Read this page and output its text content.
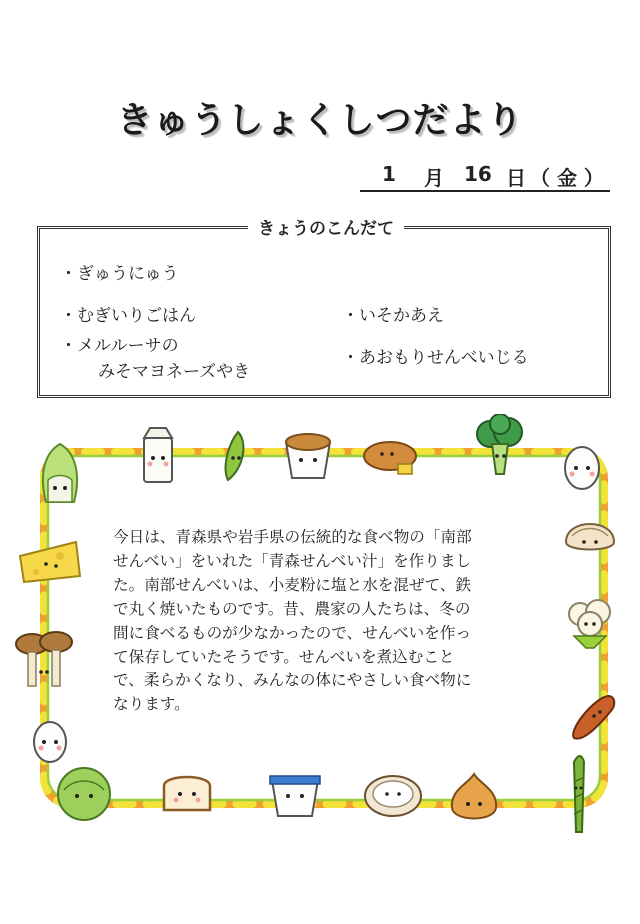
きゅうしょくしつだより
1 月 16 日 （ 金 ）
きょうのこんだて
・ぎゅうにゅう
・むぎいりごはん
・メルルーサの
みそマヨネーズやき
・いそかあえ
・あおもりせんべいじる
今日は、青森県や岩手県の伝統的な食べ物の「南部
せんべい」をいれた「青森せんべい汁」を作りまし
た。南部せんべいは、小麦粉に塩と水を混ぜて、鉄
で丸く焼いたものです。昔、農家の人たちは、冬の
間に食べるものが少なかったので、せんべいを作っ
て保存していたそうです。せんべいを煮込むこと
で、柔らかくなり、みんなの体にやさしい食べ物に
なります。
